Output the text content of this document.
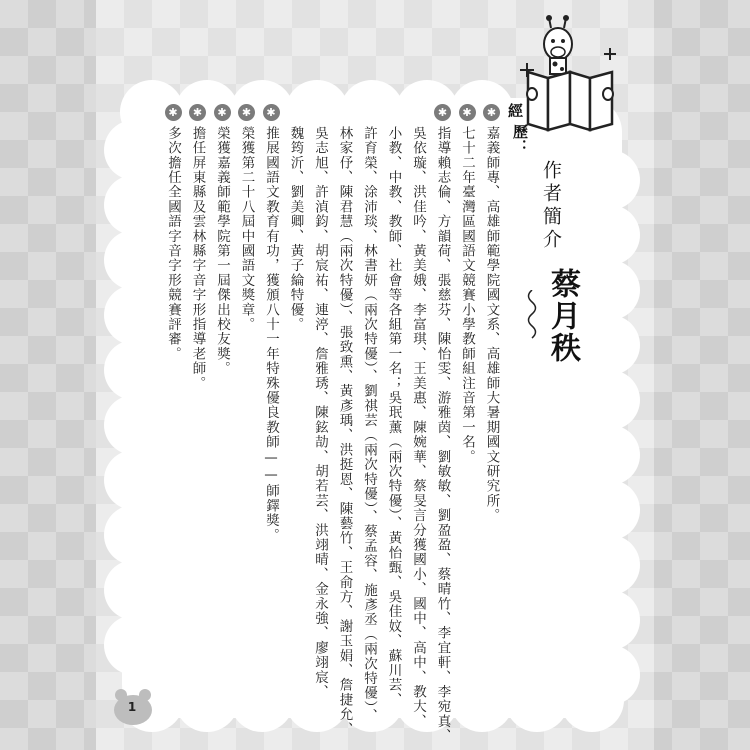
作者簡介
蔡月秩
經
歷：
✱
嘉義師專、高雄師範學院國文系、高雄師大暑期國文研究所。
✱
七十二年臺灣區國語文競賽小學教師組注音第一名。
✱
指導賴志倫、方韻荷、張慈芬、陳怡雯、游雅茵、劉敏敏、劉盈盈、蔡晴竹、李宜軒、李宛真、
吳依璇、洪佳吟、黃美娥、李富琪、王美惠、陳婉華、蔡旻言分獲國小、國中、高中、教大、
小教、中教、教師、社會等各組第一名；吳珉薰（兩次特優）、黃怡甄、吳佳妏、蘇川芸、
許育榮、涂沛琰、林書妍（兩次特優）、劉祺芸（兩次特優）、蔡孟容、施彥丞（兩次特優）、
林家伃、陳君慧（兩次特優）、張致熏、黃彥瑀、洪挺恩、陳藝竹、王俞方、謝玉娟、詹捷允、
吳志旭、許湞鈞、胡宸祐、連渟、詹雅琇、陳鉉劼、胡若芸、洪翊晴、金永強、廖翊宸、
魏筠沂、劉美卿、黃子綸特優。
✱
推展國語文教育有功，獲頒八十一年特殊優良教師——師鐸獎。
✱
榮獲第二十八屆中國語文獎章。
✱
榮獲嘉義師範學院第一屆傑出校友獎。
✱
擔任屏東縣及雲林縣字音字形指導老師。
✱
多次擔任全國語字音字形競賽評審。
1
